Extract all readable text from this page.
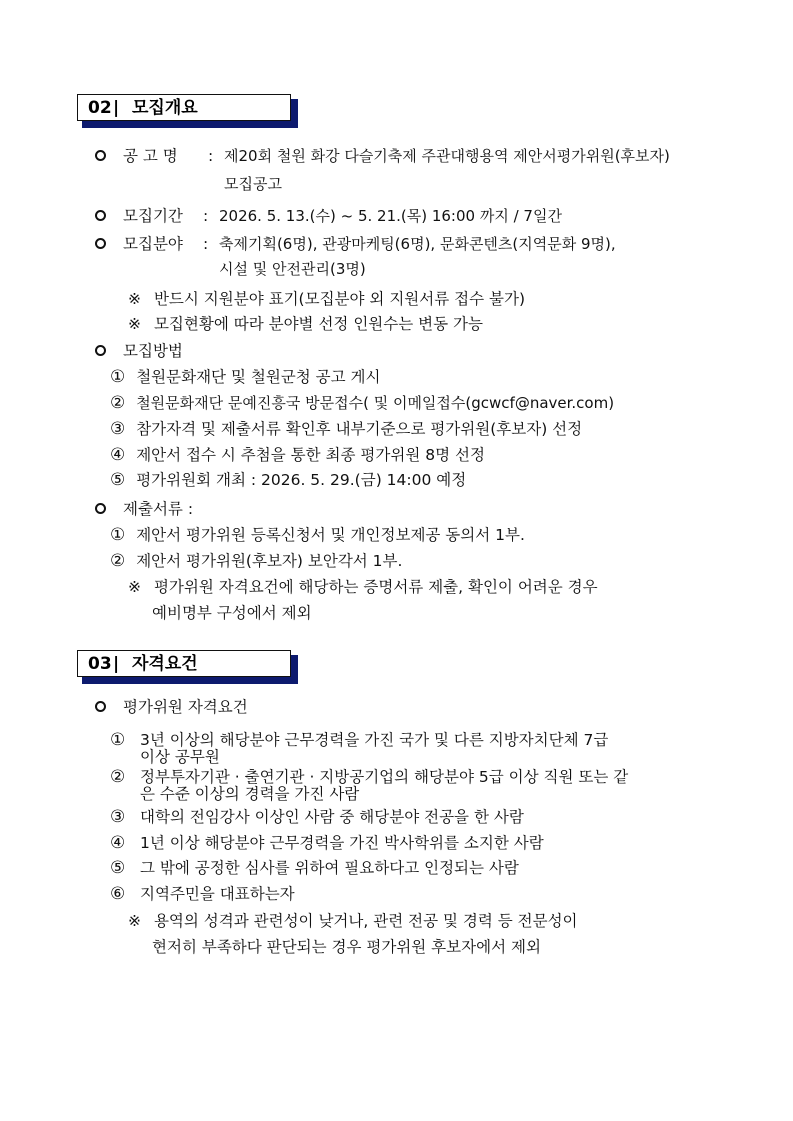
02 | 모집개요
공 고 명 : 제20회 철원 화강 다슬기축제 주관대행용역 제안서평가위원(후보자)
모집공고
모집기간 : 2026. 5. 13.(수) ~ 5. 21.(목) 16:00 까지 / 7일간
모집분야 : 축제기획(6명), 관광마케팅(6명), 문화콘텐츠(지역문화 9명),
시설 및 안전관리(3명)
※ 반드시 지원분야 표기(모집분야 외 지원서류 접수 불가)
※ 모집현황에 따라 분야별 선정 인원수는 변동 가능
모집방법
① 철원문화재단 및 철원군청 공고 게시
② 철원문화재단 문예진흥국 방문접수( 및 이메일접수(gcwcf@naver.com)
③ 참가자격 및 제출서류 확인후 내부기준으로 평가위원(후보자) 선정
④ 제안서 접수 시 추첨을 통한 최종 평가위원 8명 선정
⑤ 평가위원회 개최 : 2026. 5. 29.(금) 14:00 예정
제출서류 :
① 제안서 평가위원 등록신청서 및 개인정보제공 동의서 1부.
② 제안서 평가위원(후보자) 보안각서 1부.
※ 평가위원 자격요건에 해당하는 증명서류 제출, 확인이 어려운 경우
예비명부 구성에서 제외
03 | 자격요건
평가위원 자격요건
① 3년 이상의 해당분야 근무경력을 가진 국가 및 다른 지방자치단체 7급
이상 공무원
② 정부투자기관 · 출연기관 · 지방공기업의 해당분야 5급 이상 직원 또는 같
은 수준 이상의 경력을 가진 사람
③ 대학의 전임강사 이상인 사람 중 해당분야 전공을 한 사람
④ 1년 이상 해당분야 근무경력을 가진 박사학위를 소지한 사람
⑤ 그 밖에 공정한 심사를 위하여 필요하다고 인정되는 사람
⑥ 지역주민을 대표하는자
※ 용역의 성격과 관련성이 낮거나, 관련 전공 및 경력 등 전문성이
현저히 부족하다 판단되는 경우 평가위원 후보자에서 제외
